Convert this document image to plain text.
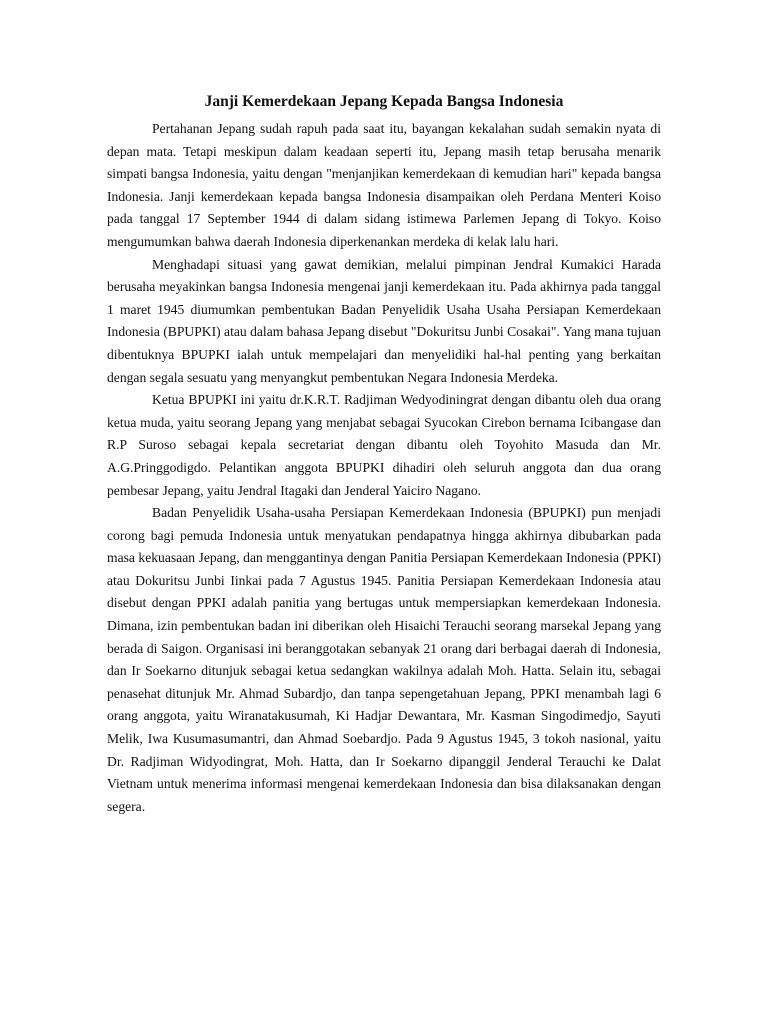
Janji Kemerdekaan Jepang Kepada Bangsa Indonesia

Pertahanan Jepang sudah rapuh pada saat itu, bayangan kekalahan sudah semakin nyata di depan mata. Tetapi meskipun dalam keadaan seperti itu, Jepang masih tetap berusaha menarik simpati bangsa Indonesia, yaitu dengan "menjanjikan kemerdekaan di kemudian hari" kepada bangsa Indonesia. Janji kemerdekaan kepada bangsa Indonesia disampaikan oleh Perdana Menteri Koiso pada tanggal 17 September 1944 di dalam sidang istimewa Parlemen Jepang di Tokyo. Koiso mengumumkan bahwa daerah Indonesia diperkenankan merdeka di kelak lalu hari.

Menghadapi situasi yang gawat demikian, melalui pimpinan Jendral Kumakici Harada berusaha meyakinkan bangsa Indonesia mengenai janji kemerdekaan itu. Pada akhirnya pada tanggal 1 maret 1945 diumumkan pembentukan Badan Penyelidik Usaha Usaha Persiapan Kemerdekaan Indonesia (BPUPKI) atau dalam bahasa Jepang disebut "Dokuritsu Junbi Cosakai". Yang mana tujuan dibentuknya BPUPKI ialah untuk mempelajari dan menyelidiki hal-hal penting yang berkaitan dengan segala sesuatu yang menyangkut pembentukan Negara Indonesia Merdeka.

Ketua BPUPKI ini yaitu dr.K.R.T. Radjiman Wedyodiningrat dengan dibantu oleh dua orang ketua muda, yaitu seorang Jepang yang menjabat sebagai Syucokan Cirebon bernama Icibangase dan R.P Suroso sebagai kepala secretariat dengan dibantu oleh Toyohito Masuda dan Mr. A.G.Pringgodigdo. Pelantikan anggota BPUPKI dihadiri oleh seluruh anggota dan dua orang pembesar Jepang, yaitu Jendral Itagaki dan Jenderal Yaiciro Nagano.

Badan Penyelidik Usaha-usaha Persiapan Kemerdekaan Indonesia (BPUPKI) pun menjadi corong bagi pemuda Indonesia untuk menyatukan pendapatnya hingga akhirnya dibubarkan pada masa kekuasaan Jepang, dan menggantinya dengan Panitia Persiapan Kemerdekaan Indonesia (PPKI) atau Dokuritsu Junbi Iinkai pada 7 Agustus 1945. Panitia Persiapan Kemerdekaan Indonesia atau disebut dengan PPKI adalah panitia yang bertugas untuk mempersiapkan kemerdekaan Indonesia. Dimana, izin pembentukan badan ini diberikan oleh Hisaichi Terauchi seorang marsekal Jepang yang berada di Saigon. Organisasi ini beranggotakan sebanyak 21 orang dari berbagai daerah di Indonesia, dan Ir Soekarno ditunjuk sebagai ketua sedangkan wakilnya adalah Moh. Hatta. Selain itu, sebagai penasehat ditunjuk Mr. Ahmad Subardjo, dan tanpa sepengetahuan Jepang, PPKI menambah lagi 6 orang anggota, yaitu Wiranatakusumah, Ki Hadjar Dewantara, Mr. Kasman Singodimedjo, Sayuti Melik, Iwa Kusumasumantri, dan Ahmad Soebardjo. Pada 9 Agustus 1945, 3 tokoh nasional, yaitu Dr. Radjiman Widyodingrat, Moh. Hatta, dan Ir Soekarno dipanggil Jenderal Terauchi ke Dalat Vietnam untuk menerima informasi mengenai kemerdekaan Indonesia dan bisa dilaksanakan dengan segera.
